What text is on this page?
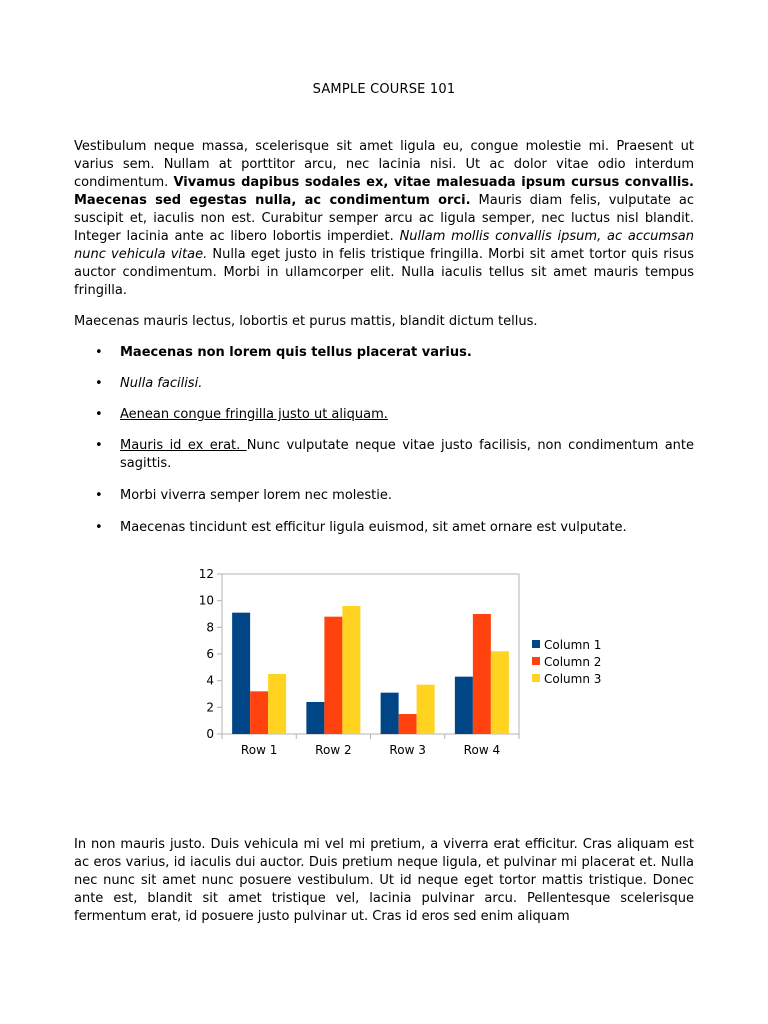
SAMPLE COURSE 101

Vestibulum neque massa, scelerisque sit amet ligula eu, congue molestie mi. Praesent ut varius sem. Nullam at porttitor arcu, nec lacinia nisi. Ut ac dolor vitae odio interdum condimentum. Vivamus dapibus sodales ex, vitae malesuada ipsum cursus convallis. Maecenas sed egestas nulla, ac condimentum orci. Mauris diam felis, vulputate ac suscipit et, iaculis non est. Curabitur semper arcu ac ligula semper, nec luctus nisl blandit. Integer lacinia ante ac libero lobortis imperdiet. Nullam mollis convallis ipsum, ac accumsan nunc vehicula vitae. Nulla eget justo in felis tristique fringilla. Morbi sit amet tortor quis risus auctor condimentum. Morbi in ullamcorper elit. Nulla iaculis tellus sit amet mauris tempus fringilla.

Maecenas mauris lectus, lobortis et purus mattis, blandit dictum tellus.

• Maecenas non lorem quis tellus placerat varius.
• Nulla facilisi.
• Aenean congue fringilla justo ut aliquam.
• Mauris id ex erat. Nunc vulputate neque vitae justo facilisis, non condimentum ante sagittis.
• Morbi viverra semper lorem nec molestie.
• Maecenas tincidunt est efficitur ligula euismod, sit amet ornare est vulputate.
0
2
4
6
8
10
12
Row 1	Row 2	Row 3	Row 4
Column 1
Column 2
Column 3

In non mauris justo. Duis vehicula mi vel mi pretium, a viverra erat efficitur. Cras aliquam est ac eros varius, id iaculis dui auctor. Duis pretium neque ligula, et pulvinar mi placerat et. Nulla nec nunc sit amet nunc posuere vestibulum. Ut id neque eget tortor mattis tristique. Donec ante est, blandit sit amet tristique vel, lacinia pulvinar arcu. Pellentesque scelerisque fermentum erat, id posuere justo pulvinar ut. Cras id eros sed enim aliquam
